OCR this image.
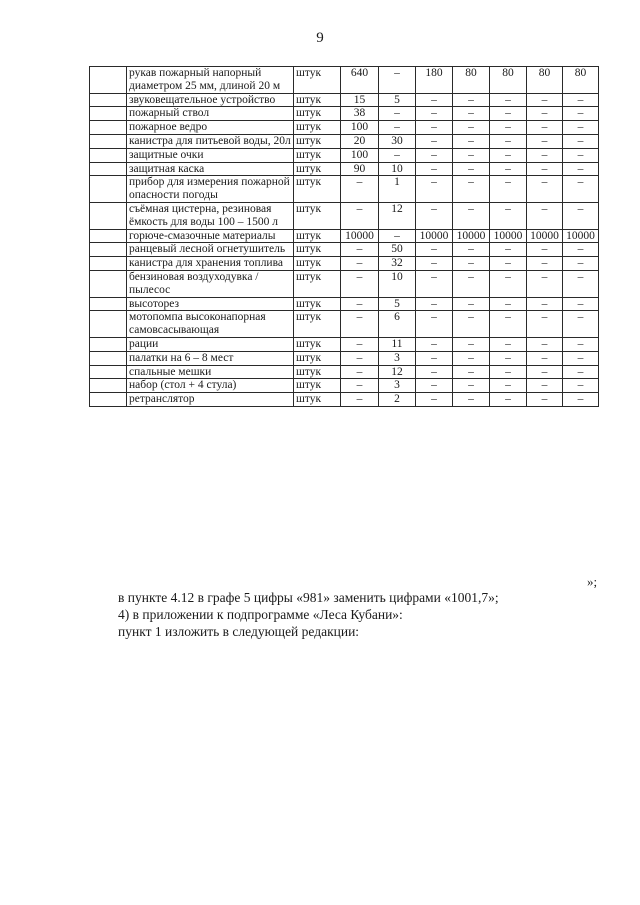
9
	рукав пожарный напорный диаметром 25 мм, длиной 20 м	штук	640	–	180	80	80	80	80
	звуковещательное устройство	штук	15	5	–	–	–	–	–
	пожарный ствол	штук	38	–	–	–	–	–	–
	пожарное ведро	штук	100	–	–	–	–	–	–
	канистра для питьевой воды, 20л	штук	20	30	–	–	–	–	–
	защитные очки	штук	100	–	–	–	–	–	–
	защитная каска	штук	90	10	–	–	–	–	–
	прибор для измерения пожарной опасности погоды	штук	–	1	–	–	–	–	–
	съёмная цистерна, резиновая ёмкость для воды 100 – 1500 л	штук	–	12	–	–	–	–	–
	горюче-смазочные материалы	штук	10000	–	10000	10000	10000	10000	10000
	ранцевый лесной огнетушитель	штук	–	50	–	–	–	–	–
	канистра для хранения топлива	штук	–	32	–	–	–	–	–
	бензиновая воздуходувка / пылесос	штук	–	10	–	–	–	–	–
	высоторез	штук	–	5	–	–	–	–	–
	мотопомпа высоконапорная самовсасывающая	штук	–	6	–	–	–	–	–
	рации	штук	–	11	–	–	–	–	–
	палатки на 6 – 8 мест	штук	–	3	–	–	–	–	–
	спальные мешки	штук	–	12	–	–	–	–	–
	набор (стол + 4 стула)	штук	–	3	–	–	–	–	–
	ретранслятор	штук	–	2	–	–	–	–	–
»;
в пункте 4.12 в графе 5 цифры «981» заменить цифрами «1001,7»;
4) в приложении к подпрограмме «Леса Кубани»:
пункт 1 изложить в следующей редакции:
